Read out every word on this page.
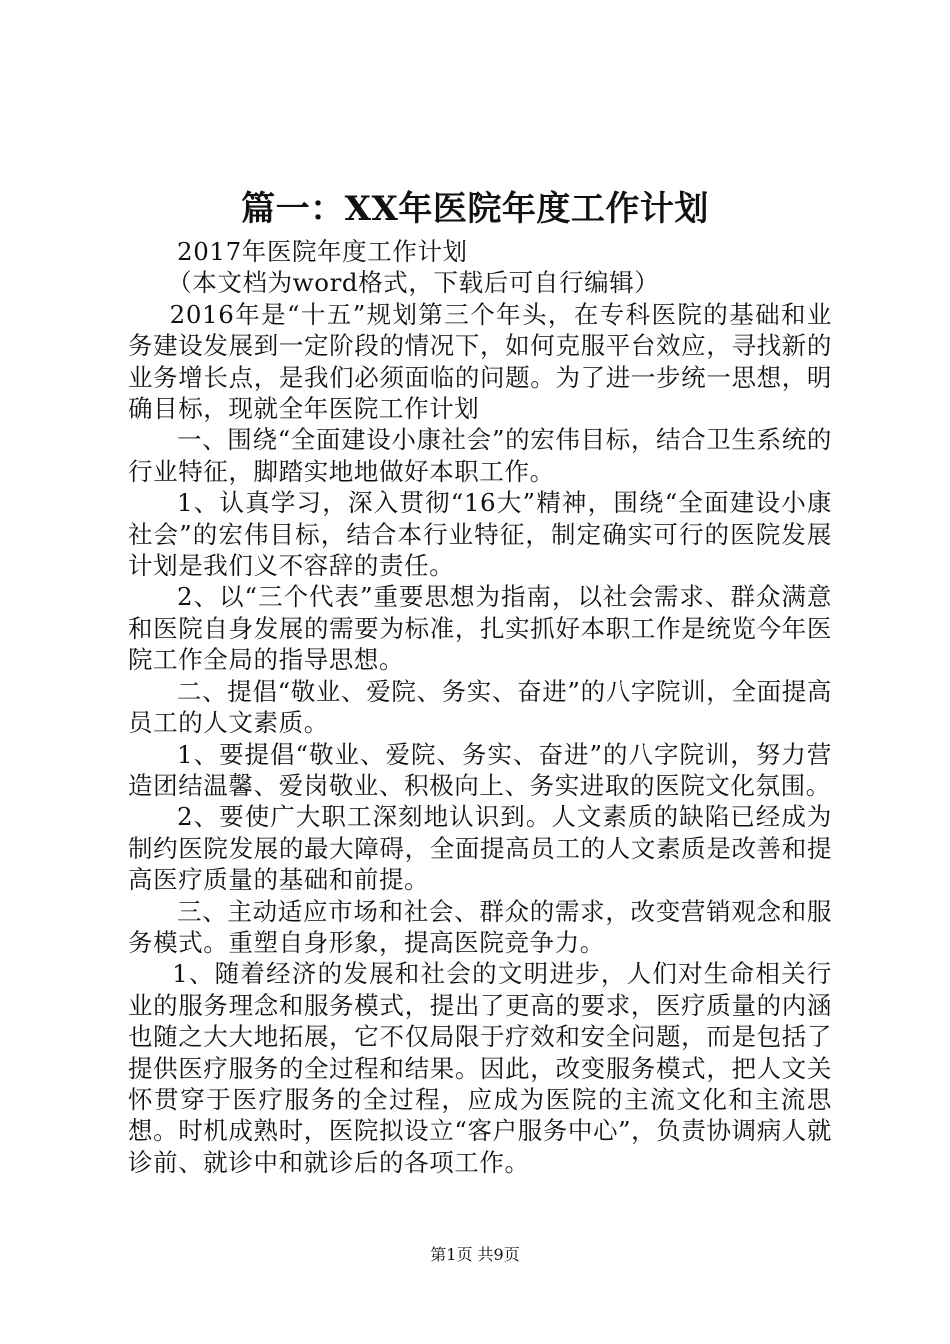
篇一：XX年医院年度工作计划

2017年医院年度工作计划

（本文档为word格式，下载后可自行编辑）

2016年是“十五”规划第三个年头，在专科医院的基础和业务建设发展到一定阶段的情况下，如何克服平台效应，寻找新的业务增长点，是我们必须面临的问题。为了进一步统一思想，明确目标，现就全年医院工作计划

一、围绕“全面建设小康社会”的宏伟目标，结合卫生系统的行业特征，脚踏实地地做好本职工作。

1、认真学习，深入贯彻“16大”精神，围绕“全面建设小康社会”的宏伟目标，结合本行业特征，制定确实可行的医院发展计划是我们义不容辞的责任。

2、以“三个代表”重要思想为指南，以社会需求、群众满意和医院自身发展的需要为标准，扎实抓好本职工作是统览今年医院工作全局的指导思想。

二、提倡“敬业、爱院、务实、奋进”的八字院训，全面提高员工的人文素质。

1、要提倡“敬业、爱院、务实、奋进”的八字院训，努力营造团结温馨、爱岗敬业、积极向上、务实进取的医院文化氛围。

2、要使广大职工深刻地认识到。人文素质的缺陷已经成为制约医院发展的最大障碍，全面提高员工的人文素质是改善和提高医疗质量的基础和前提。

三、主动适应市场和社会、群众的需求，改变营销观念和服务模式。重塑自身形象，提高医院竞争力。

1、随着经济的发展和社会的文明进步，人们对生命相关行业的服务理念和服务模式，提出了更高的要求，医疗质量的内涵也随之大大地拓展，它不仅局限于疗效和安全问题，而是包括了提供医疗服务的全过程和结果。因此，改变服务模式，把人文关怀贯穿于医疗服务的全过程，应成为医院的主流文化和主流思想。时机成熟时，医院拟设立“客户服务中心”，负责协调病人就诊前、就诊中和就诊后的各项工作。

第1页 共9页
